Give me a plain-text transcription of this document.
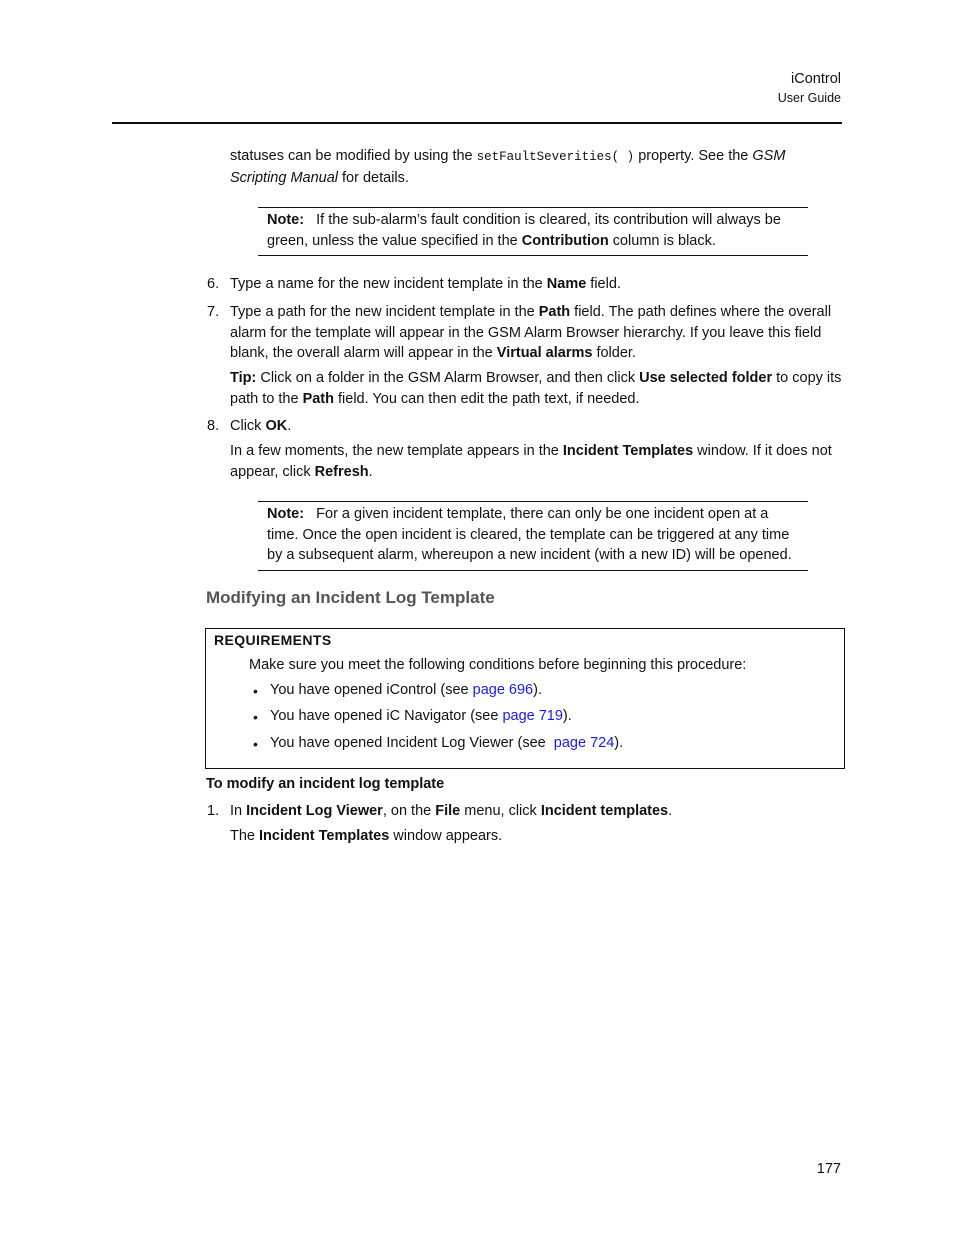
iControl
User Guide
statuses can be modified by using the setFaultSeverities( ) property. See the GSM Scripting Manual for details.
Note: If the sub-alarm’s fault condition is cleared, its contribution will always be green, unless the value specified in the Contribution column is black.
6. Type a name for the new incident template in the Name field.
7. Type a path for the new incident template in the Path field. The path defines where the overall alarm for the template will appear in the GSM Alarm Browser hierarchy. If you leave this field blank, the overall alarm will appear in the Virtual alarms folder.
Tip: Click on a folder in the GSM Alarm Browser, and then click Use selected folder to copy its path to the Path field. You can then edit the path text, if needed.
8. Click OK.
In a few moments, the new template appears in the Incident Templates window. If it does not appear, click Refresh.
Note: For a given incident template, there can only be one incident open at a time. Once the open incident is cleared, the template can be triggered at any time by a subsequent alarm, whereupon a new incident (with a new ID) will be opened.
Modifying an Incident Log Template
REQUIREMENTS
Make sure you meet the following conditions before beginning this procedure:
• You have opened iControl (see page 696).
• You have opened iC Navigator (see page 719).
• You have opened Incident Log Viewer (see  page 724).
To modify an incident log template
1. In Incident Log Viewer, on the File menu, click Incident templates.
The Incident Templates window appears.
177
